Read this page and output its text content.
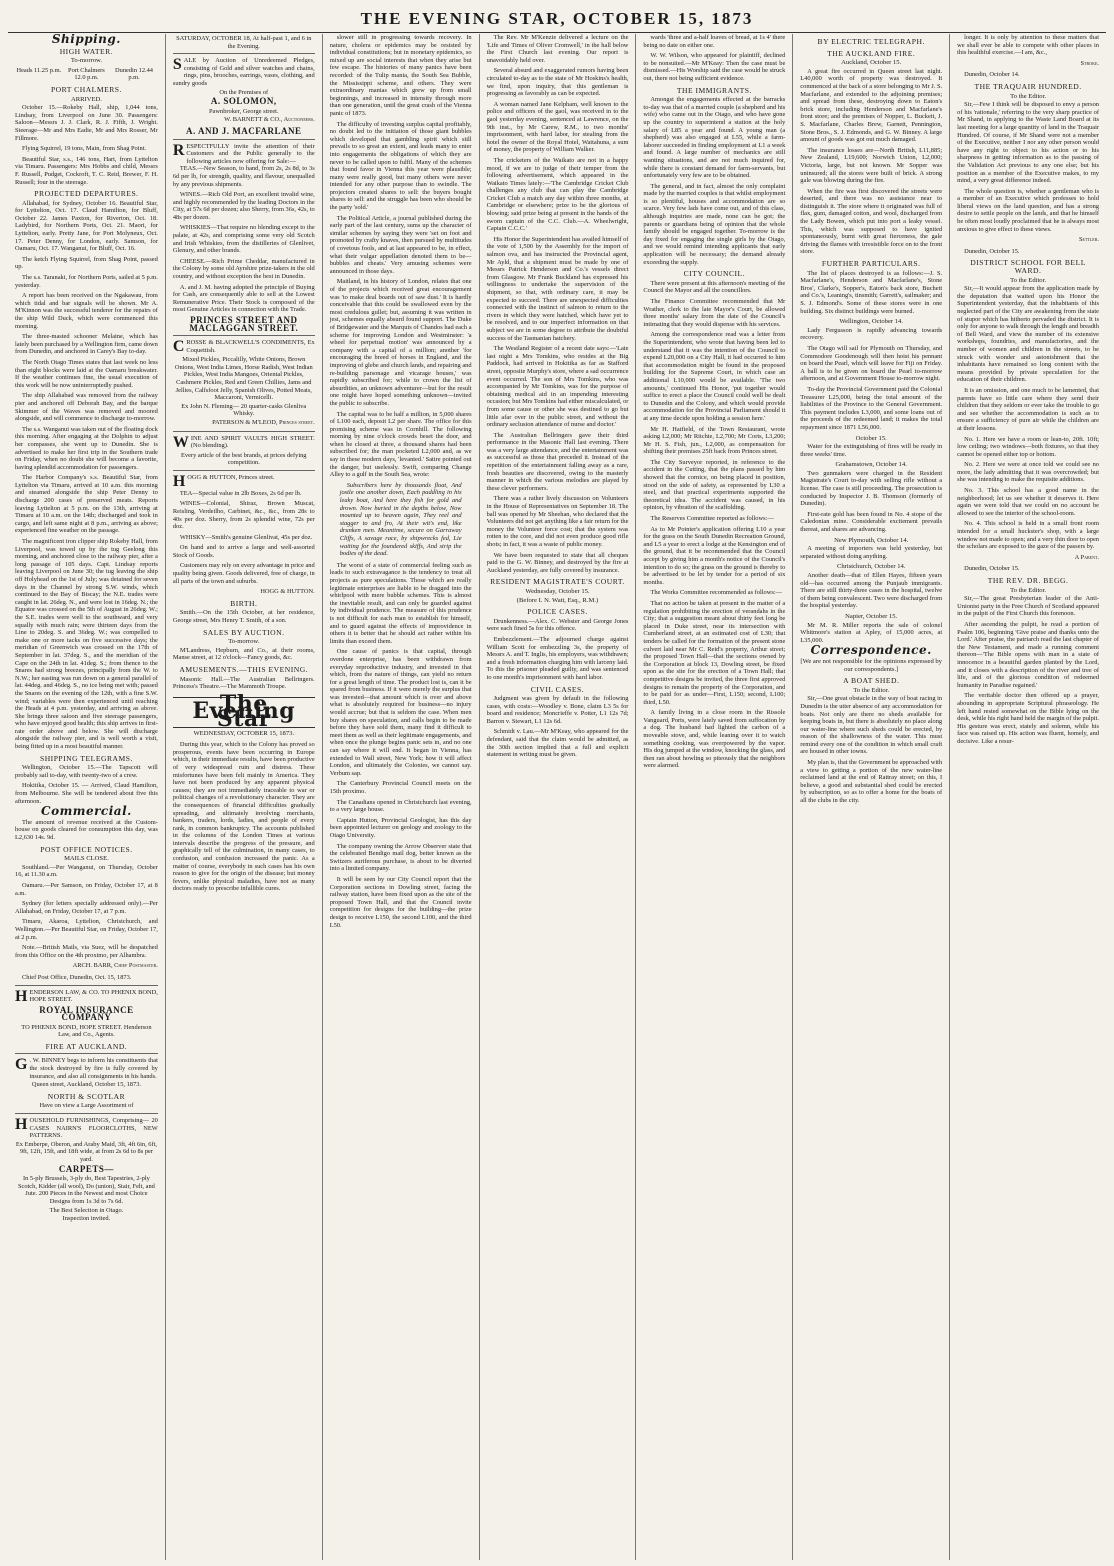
THE EVENING STAR, OCTOBER 15, 1873
Shipping.
HIGH WATER.
To-morrow.
Heads 11.25 p.m.	Port Chalmers 12.0 p.m.
Dunedin 12.44 p.m.
PORT CHALMERS.
ARRIVED.

October 15.—Rokeby Hall, ship, 1,044 tons, Lindsay, from Liverpool on June 30. Passengers: Saloon—Messrs J. J. Clark, R. J. Fifth, J. Wright. Steerage—Mr and Mrs Eadie, Mr and Mrs Rosser, Mr Fillmore.

Flying Squirrel, 19 tons, Main, from Shag Point.

Beautiful Star, s.s., 146 tons, Hart, from Lyttelton via Timaru. Passengers: Mrs Hobbs and child, Messrs F. Russell, Pudget, Cockroft, T. C. Reid, Brewer, F. H. Russell; four in the steerage.

PROJECTED DEPARTURES.

Allahabad, for Sydney, October 16. Beautiful Star, for Lyttelton, Oct. 17. Claud Hamilton, for Bluff, October 22. James Paxton, for Riverton, Oct. 18. Ladybird, for Northern Ports, Oct. 21. Maori, for Lyttelton, early. Pretty Jane, for Port Molyneux, Oct. 17. Peter Denny, for London, early. Samson, for Oamaru, Oct. 17. Wanganui, for Bluff, Oct. 16.

The ketch Flying Squirrel, from Shag Point, passed up.

The s.s. Taranaki, for Northern Ports, sailed at 5 p.m. yesterday.

A report has been received on the Ngakawau, from which tidal and bar signals will be shown. Mr A. M'Kinnon was the successful tenderer for the repairs of the ship Wild Duck, which were commenced this morning.

The three-masted schooner Melaine, which has lately been purchased by a Wellington firm, came down from Dunedin, and anchored in Carey's Bay to-day.

The North Otago Times states that last week no less than eight blocks were laid at the Oamaru breakwater. If the weather continues fine, the usual execution of this work will be now uninterruptedly pushed.

The ship Allahabad was removed from the railway pier and anchored off Deborah Bay, and the barque Skimmer of the Waves was removed and moored alongside, and will commence to discharge to-morrow.

The s.s. Wanganui was taken out of the floating dock this morning. After engaging at the Dolphin to adjust her compasses, she went up to Dunedin. She is advertised to make her first trip in the Southern trade on Friday, when no doubt she will become a favorite, having splendid accommodation for passengers.

The Harbor Company's s.s. Beautiful Star, from Lyttelton via Timaru, arrived at 10 a.m. this morning and steamed alongside the ship Peter Denny to discharge 200 cases of preserved meats. Reports leaving Lyttelton at 5 p.m. on the 13th, arriving at Timaru at 10 a.m. on the 14th; discharged and took in cargo, and left same night at 8 p.m., arriving as above; experienced fine weather on the passage.

The magnificent iron clipper ship Rokeby Hall, from Liverpool, was towed up by the tug Geelong this morning, and anchored close to the railway pier, after a long passage of 105 days. Capt. Lindsay reports leaving Liverpool on June 30; the tug leaving the ship off Holyhead on the 1st of July; was detained for seven days in the Channel by strong S.W. winds, which continued to the Bay of Biscay; the N.E. trades were caught in lat. 26deg. N., and were lost in 16deg. N.; the Equator was crossed on the 5th of August in 26deg. W.; the S.E. trades were well to the southward, and very squally with much rain; were thirteen days from the Line to 20deg. S. and 36deg. W.; was compelled to make one or more tacks on five successive days; the meridian of Greenwich was crossed on the 17th of September in lat. 37deg. S., and the meridian of the Cape on the 24th in lat. 41deg. S.; from thence to the Snares had strong breezes, principally from the W. to N.W.; her easting was run down on a general parallel of lat. 44deg. and 46deg. S., no ice being met with; passed the Snares on the evening of the 12th, with a fine S.W. wind; variables were then experienced until reaching the Heads at 4 p.m. yesterday, and arriving as above. She brings three saloon and five steerage passengers, who have enjoyed good health; this ship arrives in first-rate order above and below. She will discharge alongside the railway pier, and is well worth a visit, being fitted up in a most beautiful manner.

SHIPPING TELEGRAMS.

Wellington, October 15.—The Tapscott will probably sail to-day, with twenty-two of a crew.

Hokitika, October 15. — Arrived, Claud Hamilton, from Melbourne. She will be tendered about five this afternoon.

Commercial.

The amount of revenue received at the Custom-house on goods cleared for consumption this day, was L2,630 14s. 9d.

POST OFFICE NOTICES.
MAILS CLOSE.

Southland.—Per Wanganui, on Thursday, October 16, at 11.30 a.m.

Oamaru.—Per Samson, on Friday, October 17, at 8 a.m.

Sydney (for letters specially addressed only).—Per Allahabad, on Friday, October 17, at 7 p.m.

Timaru, Akaroa, Lyttelton, Christchurch, and Wellington.—Per Beautiful Star, on Friday, October 17, at 2 p.m.

Note.—British Mails, via Suez, will be despatched from this Office on the 4th proximo, per Alhambra.

ARCH. BARR, Chief Postmaster.

Chief Post Office, Dunedin, Oct. 15, 1873.

HENDERSON LAW, & CO. TO PHŒNIX BOND, HOPE STREET.
ROYAL INSURANCE COMPANY
TO PHŒNIX BOND, HOPE STREET. Henderson Law, and Co., Agents.
FIRE AT AUCKLAND.
G . W. BINNEY begs to inform his constituents that the stock destroyed by fire is fully covered by insurance, and also all consignments in his hands.
Queen street, Auckland, October 15, 1873.
NORTH & SCOTLAR
Have on view a Large Assortment of
HOUSEHOLD FURNISHINGS, Comprising— 20 CASES NAIRN'S FLOORCLOTHS, NEW PATTERNS.
Ex Emberpe, Oberon, and Araby Maid, 3ft, 4ft 6in, 6ft, 9ft, 12ft, 15ft, and 18ft wide, at from 2s 6d to 8s per yard.
CARPETS—
In 5-ply Brussels, 3-ply do, Best Tapestries, 2-ply Scotch, Kidder (all wool), Do (union), Stair, Felt, and Jute. 200 Pieces in the Newest and most Choice Designs from 1s 3d to 7s 6d.
The Best Selection in Otago.
Inspection invited.
SATURDAY, OCTOBER 18, At half-past 1, and 6 in the Evening.
SALE by Auction of Unredeemed Pledges, consisting of Gold and silver watches and chains, rings, pins, brooches, earrings, vases, clothing, and sundry goods
On the Premises of
A. SOLOMON,
Pawnbroker, George street.
W. BARNETT & CO., Auctioneers.
A. AND J. MACFARLANE
RESPECTFULLY invite the attention of their Customers and the Public generally to the following articles now offering for Sale:—

TEAS.—New Season, to hand, from 2s, 2s 8d, to 3s 6d per lb, for strength, quality, and flavour, unequalled by any previous shipments.

WINES.—Rich Old Port, an excellent invalid wine, and highly recommended by the leading Doctors in the City, at 57s 6d per dozen; also Sherry, from 36s, 42s, to 48s per dozen.

WHISKIES—That require no blending except to the palate, at 42s, and comprising some very old Scotch and Irish Whiskies, from the distilleries of Glenlivet, Glenury, and other brands.

CHEESE.—Rich Prime Cheddar, manufactured in the Colony by some old Ayrshire prize-takers in the old country, and without exception the best in Dunedin.

A. and J. M. having adopted the principle of Buying for Cash, are consequently able to sell at the Lowest Remunerative Price. Their Stock is composed of the most Genuine Articles in connection with the Trade.

PRINCES STREET AND MACLAGGAN STREET.
CROSSE & BLACKWELL'S CONDIMENTS, Ex Coquettish.
Mixed Pickles, Piccalilly, White Onions, Brown Onions, West India Limes, Horse Radish, West Indian Pickles, West India Mangoes, Oriental Pickles, Cashmere Pickles, Red and Green Chillies, Jams and Jellies, Calfsfoot Jelly, Spanish Olives, Potted Meats, Maccaroni, Vermicelli.
Ex John N. Fleming— 20 quarter-casks Glenliva Whisky.
PATERSON & M'LEOD, Princes street.
WINE AND SPIRIT VAULTS HIGH STREET. (No blending).
Every article of the best brands, at prices defying competition.
HOGG & HUTTON, Princes street.

TEA—Special value in 2lb Boxes, 2s 6d per lb.

WINES—Colonial, Shiraz, Brown Muscat, Reisling, Verdeilho, Carbinet, &c., &c., from 28s to 40s per doz. Sherry, from 2s splendid wine, 72s per doz.

WHISKY—Smith's genuine Glenlivat, 45s per doz.

On hand and to arrive a large and well-assorted Stock of Goods.

Customers may rely on every advantage in price and quality being given. Goods delivered, free of charge, in all parts of the town and suburbs.

HOGG & HUTTON.
BIRTH.

Smith.—On the 15th October, at her residence, George street, Mrs Henry T. Smith, of a son.

SALES BY AUCTION.
To-morrow.

M'Landress, Hepburn, and Co., at their rooms, Manse street, at 12 o'clock—Fancy goods, &c.

AMUSEMENTS.—THIS EVENING.

Masonic Hall.—The Australian Bellringers. Princess's Theatre.—The Mammoth Troupe.

The Evening Star
WEDNESDAY, OCTOBER 15, 1873.

During this year, which to the Colony has proved so prosperous, events have been occurring in Europe which, in their immediate results, have been productive of very widespread ruin and distress. These misfortunes have been felt mainly in America. They have not been produced by any apparent physical causes; they are not immediately traceable to war or political changes of a revolutionary character. They are the consequences of financial difficulties gradually spreading, and ultimately involving merchants, bankers, traders, lords, ladies, and people of every rank, in common bankruptcy. The accounts published in the columns of the London Times at various intervals describe the progress of the pressure, and graphically tell of the culmination, in many cases, to confusion, and confusion increased the panic. As a matter of course, everybody in such cases has his own reason to give for the origin of the disease; but money fevers, unlike physical maladies, have not as many doctors ready to prescribe infallible cures.

slower still in progressing towards recovery. In nature, cholera or epidemics may be resisted by individual constitutions; but in monetary epidemics, so mixed up are social interests that when they arise but few escape. The histories of many panics have been recorded: of the Tulip mania, the South Sea Bubble, the Mississippi scheme, and others. They were extraordinary manias which grew up from small beginnings, and increased in intensity through more than one generation, until the great crash of the Vienna panic of 1873.

The difficulty of investing surplus capital profitably, no doubt led to the initiation of those giant bubbles which developed that gambling spirit which still prevails to so great an extent, and leads many to enter into engagements the obligations of which they are never to be called upon to fulfil. Many of the schemes that found favor in Vienna this year were plausible; many were really good, but many others were never intended for any other purpose than to swindle. The projectors created shares to sell: the buyers bought shares to sell: and the struggle has been who should be the party 'sold.'

The Political Article, a journal published during the early part of the last century, sums up the character of similar schemes by saying they were 'set on foot and promoted by crafty knaves, then pursued by multitudes of covetous fools, and at last appeared to be, in effect, what their vulgar appellation denoted them to be—bubbles and cheats.' Very amusing schemes were announced in those days.

Maitland, in his history of London, relates that one of the projects which received great encouragement was 'to make deal boards out of saw dust.' It is hardly conceivable that this could be swallowed even by the most credulous gullet; but, assuming it was written in jest, schemes equally absurd found support. The Duke of Bridgewater and the Marquis of Chandos had each a scheme for improving London and Westminster: 'a wheel for perpetual motion' was announced by a company with a capital of a million; another 'for encouraging the breed of horses in England, and the improving of glebe and church lands, and repairing and re-building parsonage and vicarage houses,' was rapidly subscribed for; while to crown the list of absurdities, an unknown adventurer—but for the result one might have hoped something unknown—invited the public to subscribe.

The capital was to be half a million, in 5,000 shares of L100 each, deposit L2 per share. The office for this promising scheme was in Cornhill. The following morning by nine o'clock crowds beset the door, and when he closed at three, a thousand shares had been subscribed for; the man pocketed L2,000 and, as we say in these modern days, 'levanted.' Satire pointed out the danger, but uselessly. Swift, comparing Change Alley to a gulf in the South Sea, wrote:

Subscribers here by thousands float, And jostle one another down, Each paddling in his leaky boat, And here they fish for gold and drown. Now buried in the depths below, Now mounted up to heaven again, They reel and stagger to and fro, At their wit's end, like drunken men. Meantime, secure on Garraway Cliffs, A savage race, by shipwrecks fed, Lie waiting for the foundered skiffs, And strip the bodies of the dead.

The worst of a state of commercial feeling such as leads to such extravagance is the tendency to treat all projects as pure speculations. Those which are really legitimate enterprises are liable to be dragged into the whirlpool with mere bubble schemes. This is almost the inevitable result, and can only be guarded against by individual prudence. The measure of this prudence is not difficult for each man to establish for himself, and to guard against the effects of improvidence in others it is better that he should act rather within his limits than exceed them.

One cause of panics is that capital, through overdone enterprise, has been withdrawn from everyday reproductive industry, and invested in that which, from the nature of things, can yield no return for a great length of time. The product lost is, can it be spared from business. If it were merely the surplus that was invested—that amount which is over and above what is absolutely required for business—no injury would accrue; but that is seldom the case. When men buy shares on speculation, and calls begin to be made before they have sold them, many find it difficult to meet them as well as their legitimate engagements, and when once the plunge begins panic sets in, and no one can say where it will end. It began in Vienna, has extended to Wall street, New York; how it will affect London, and ultimately the Colonies, we cannot say. Verbum sap.

The Canterbury Provincial Council meets on the 15th proximo.

The Canadians opened in Christchurch last evening, to a very large house.

Captain Hutton, Provincial Geologist, has this day been appointed lecturer on geology and zoology to the Otago University.

The company owning the Arrow Observer state that the celebrated Bendigo mail dog, better known as the Switzers auriferous purchase, is about to be diverted into a limited company.

It will be seen by our City Council report that the Corporation sections in Dowling street, facing the railway station, have been fixed upon as the site of the proposed Town Hall, and that the Council invite competition for designs for the building—the prize design to receive L150, the second L100, and the third L50.

The Rev. Mr M'Kenzie delivered a lecture on the 'Life and Times of Oliver Cromwell,' in the hall below the First Church last evening. Our report is unavoidably held over.

Several absurd and exaggerated rumors having been circulated to-day as to the state of Mr Hoskins's health, we find, upon inquiry, that this gentleman is progressing as favorably as can be expected.

A woman named Jane Kelpham, well known to the police and officers of the gaol, was received in to the gaol yesterday evening, sentenced at Lawrence, on the 9th inst., by Mr Carew, R.M., to two months' imprisonment, with hard labor, for stealing from the hotel the owner of the Royal Hotel, Waitahuna, a sum of money, the property of William Walker.

The cricketers of the Waikato are not in a happy mood, if we are to judge of their temper from the following advertisement, which appeared in the Waikato Times lately:—'The Cambridge Cricket Club challenges any club that can play the Cambridge Cricket Club a match any day within three months, at Cambridge or elsewhere; prize to be the glorious of blowing; said prize being at present in the hands of the sworn captain of the C.C. Club.—A. Wheelwright, Captain C.C.C.'

His Honor the Superintendent has availed himself of the vote of 1,500 by the Assembly for the import of salmon ova, and has instructed the Provincial agent, Mr Ayld, that a shipment must be made by one of Messrs Patrick Henderson and Co.'s vessels direct from Glasgow. Mr Frank Buckland has expressed his willingness to undertake the supervision of the shipment, so that, with ordinary care, it may be expected to succeed. There are unexpected difficulties connected with the instinct of salmon to return to the rivers in which they were hatched, which have yet to be resolved, and to our imperfect information on that subject we are in some degree to attribute the doubtful success of the Tasmanian hatchery.

The Westland Register of a recent date says:—'Late last night a Mrs Tomkins, who resides at the Big Paddock, had arrived in Hokitika as far as Stafford street, opposite Murphy's store, where a sad occurrence event occurred. The son of Mrs Tomkins, who was accompanied by Mr Tomkins, was for the purpose of obtaining medical aid in an impending interesting occasion; but Mrs Tomkins had either miscalculated, or from some cause or other she was destined to go but little afar over in the public street, and without the ordinary seclusion attendance of nurse and doctor.'

The Australian Bellringers gave their third performance in the Masonic Hall last evening. There was a very large attendance, and the entertainment was as successful as those that preceded it. Instead of the repetition of the entertainment falling away as a rare, fresh beauties are discovered, owing to the masterly manner in which the various melodies are played by these clever performers.

There was a rather lively discussion on Volunteers in the House of Representatives on September 18. The ball was opened by Mr Sheehan, who declared that the Volunteers did not get anything like a fair return for the money the Volunteer force cost; that the system was rotten to the core, and did not even produce good rifle shots; in fact, it was a waste of public money.

We have been requested to state that all cheques paid to the G. W. Binney, and destroyed by the fire at Auckland yesterday, are fully covered by insurance.

RESIDENT MAGISTRATE'S COURT.
Wednesday, October 15.
(Before I. N. Watt, Esq., R.M.)
POLICE CASES.

Drunkenness.—Alex. C. Webster and George Jones were each fined 5s for this offence.

Embezzlement.—The adjourned charge against William Scott for embezzling 3s, the property of Messrs A. and T. Inglis, his employers, was withdrawn; and a fresh information charging him with larceny laid. To this the prisoner pleaded guilty, and was sentenced to one month's imprisonment with hard labor.

CIVIL CASES.

Judgment was given by default in the following cases, with costs:—Woodley v. Bone, claim L3 5s for board and residence; Moncrieffe v. Potter, L1 12s 7d; Barron v. Stewart, L1 12s 6d.

Schmidt v. Lau.—Mr M'Keay, who appeared for the defendant, said that the claim would be admitted, as the 30th section implied that a full and explicit statement in writing must be given.

wards 'three and a-half loaves of bread, at 1s 4' there being no date on either one.

W. W. Wilson, who appeared for plaintiff, declined to be nonsuited.—Mr M'Keay: Then the case must be dismissed.—His Worship said the case would be struck out, there not being sufficient evidence.

THE IMMIGRANTS.

Amongst the engagements effected at the barracks to-day was that of a married couple (a shepherd and his wife) who came out in the Otago, and who have gone up the country to superintend a station at the holy salary of L85 a year and found. A young man (a shepherd) was also engaged at L55, while a farm-laborer succeeded in finding employment at L1 a week and found. A large number of mechanics are still wanting situations, and are not much inquired for, while there is constant demand for farm-servants, but unfortunately very few are to be obtained.

The general, and in fact, almost the only complaint made by the married couples is that whilst employment is so plentiful, houses and accommodation are so scarce. Very few lads have come out, and of this class, although inquiries are made, none can be got; the parents or guardians being of opinion that the whole family should be engaged together. To-morrow is the day fixed for engaging the single girls by the Otago, and we would remind intending applicants that early application will be necessary; the demand already exceeding the supply.

CITY COUNCIL.

There were present at this afternoon's meeting of the Council the Mayor and all the councillors.

The Finance Committee recommended that Mr Wrather, clerk to the late Mayor's Court, be allowed three months' salary from the date of the Council's intimating that they would dispense with his services.

Among the correspondence read was a letter from the Superintendent, who wrote that having been led to understand that it was the intention of the Council to expend L20,000 on a City Hall, it had occurred to him that accommodation might be found in the proposed building for the Supreme Court, in which case an additional L10,000 would be available. 'The two amounts,' continued His Honor, 'put together would suffice to erect a place the Council could well be dealt to Dunedin and the Colony, and which would provide accommodation for the Provincial Parliament should it at any time decide upon holding a session here.'

Mr H. Hatfield, of the Town Restaurant, wrote asking L2,000; Mr Ritchie, L2,700; Mr Corts, L3,200; Mr H. S. Fish, jun., L2,000, as compensation for shifting their premises 25ft back from Princes street.

The City Surveyor reported, in reference to the accident in the Cutting, that the plans passed by him showed that the cornice, on being placed in position, stood on the side of safety, as represented by L30 a steel, and that practical experiments supported the theoretical idea. The accident was caused, in his opinion, by vibration of the scaffolding.

The Reserves Committee reported as follows:—

As to Mr Pointer's application offering L10 a year for the grass on the South Dunedin Recreation Ground, and L5 a year to erect a lodge at the Kensington end of the ground, that it be recommended that the Council accept by giving him a month's notice of the Council's intention to do so; the grass on the ground is thereby to be advertised to be let by tender for a period of six months.

The Works Committee recommended as follows:—

That no action be taken at present in the matter of a regulation prohibiting the erection of verandahs in the City; that a suggestion meant about thirty feet long be placed in Duke street, near its intersection with Cumberland street, at an estimated cost of L30; that tenders be called for the formation of the present stone culvert laid near Mr C. Reid's property, Arthur street; the proposed Town Hall—that the sections owned by the Corporation at block 13, Dowling street, be fixed upon as the site for the erection of a Town Hall; that competitive designs be invited, the three first approved designs to remain the property of the Corporation, and to be paid for as under—First, L150; second, L100; third, L50.

A family living in a close room in the Rissole Vanguard, Ports, were lately saved from suffocation by a dog. The husband had lighted the carbon of a moveable stove, and, while leaning over it to watch something cooking, was overpowered by the vapor. His dog jumped at the window, knocking the glass, and then ran about howling so piteously that the neighbors were alarmed.

BY ELECTRIC TELEGRAPH.
THE AUCKLAND FIRE.
Auckland, October 15.

A great fire occurred in Queen street last night. L40,000 worth of property was destroyed. It commenced at the back of a store belonging to Mr J. S. Macfarlane, and extended to the adjoining premises; and spread from these, destroying down to Eaton's brick store, including Henderson and Macfarlane's front store; and the premises of Nopper, L. Buckett, J. S. Macfarlane, Charles Brew, Garnett, Pennington, Stone Bros., S. J. Edmonds, and G. W. Binney. A large amount of goods was got out much damaged.

The insurance losses are—North British, L11,885; New Zealand, L19,600; Norwich Union, L2,000; Victoria, large, but not known. Mr Sopper was uninsured; all the stores were built of brick. A strong gale was blowing during the fire.

When the fire was first discovered the streets were deserted, and there was no assistance near to distinguish it. The store where it originated was full of flax, gum, damaged cotton, and wool, discharged from the Lady Bowen, which put into port a leaky vessel. This, which was supposed to have ignited spontaneously, burnt with great fierceness, the gale driving the flames with irresistible force on to the front store.

FURTHER PARTICULARS.

The list of places destroyed is as follows:—J. S. Macfarlane's, Henderson and Macfarlane's, Stone Bros', Clarke's, Sopper's, Eaton's back store, Buchett and Co.'s, Leaning's, tinsmith; Garrett's, sailmaker; and S. J. Edmond's. Some of these stores were in one building. Six distinct buildings were burned.

Wellington, October 14.

Lady Fergusson is rapidly advancing towards recovery.

The Otago will sail for Plymouth on Thursday, and Commodore Goodenough will then hoist his pennant on board the Pearl, which will leave for Fiji on Friday. A ball is to be given on board the Pearl to-morrow afternoon, and at Government House to-morrow night.

To-day the Provincial Government paid the Colonial Treasurer L25,000, being the total amount of the liabilities of the Province to the General Government. This payment includes L3,000, and some loans out of the proceeds of the redeemed land; it makes the total repayment since 1871 L56,000.

October 15.

Water for the extinguishing of fires will be ready in three weeks' time.

Grahamstown, October 14.

Two gunmakers were charged in the Resident Magistrate's Court to-day with selling rifle without a license. The case is still proceeding. The prosecution is conducted by Inspector J. B. Thomson (formerly of Dunedin).

First-rate gold has been found in No. 4 stope of the Caledonian mine. Considerable excitement prevails thereat, and shares are advancing.

New Plymouth, October 14.

A meeting of importers was held yesterday, but separated without doing anything.

Christchurch, October 14.

Another death—that of Ellen Hayes, fifteen years old—has occurred among the Punjaub immigrants. There are still thirty-three cases in the hospital, twelve of them being convalescent. Two were discharged from the hospital yesterday.

Napier, October 15.

Mr M. R. Miller reports the sale of colonel Whitmore's station at Apley, of 15,000 acres, at L35,000.

Correspondence.
[We are not responsible for the opinions expressed by our correspondents.]
A BOAT SHED.
To the Editor.

Sir,—One great obstacle in the way of boat racing in Dunedin is the utter absence of any accommodation for boats. Not only are there no sheds available for keeping boats in, but there is absolutely no place along our water-line where such sheds could be erected, by reason of the shallowness of the water. This must remind every one of the condition in which small craft are housed in other towns.

My plan is, that the Government be approached with a view to getting a portion of the new water-line reclaimed land at the end of Rattray street; on this, I believe, a good and substantial shed could be erected by subscription, so as to offer a home for the boats of all the clubs in the city.

longer. It is only by attention to these matters that we shall ever be able to compete with other places in this healthful exercise.—I am, &c.,

Stroke.

Dunedin, October 14.

THE TRAQUAIR HUNDRED.
To the Editor.

Sir,—Few I think will be disposed to envy a person of his 'rationale,' referring to the very sharp practice of Mr Shand, in applying to the Waste Land Board at its last meeting for a large quantity of land in the Traquair Hundred. Of course, if Mr Shand were not a member of the Executive, neither I nor any other person would have any right to object to his action or to his sharpness in getting information as to the passing of the Validation Act previous to any one else; but his position as a member of the Executive makes, to my mind, a very great difference indeed.

The whole question is, whether a gentleman who is a member of an Executive which professes to hold liberal views on the land question, and has a strong desire to settle people on the lands, and that he himself be often most loudly proclaimed that he is always most anxious to give effect to these views.

Settler.

Dunedin, October 15.

DISTRICT SCHOOL FOR BELL WARD.
To the Editor.

Sir,—It would appear from the application made by the deputation that waited upon his Honor the Superintendent yesterday, that the inhabitants of this neglected part of the City are awakening from the state of stupor which has hitherto pervaded the district. It is only for anyone to walk through the length and breadth of Bell Ward, and view the number of its extensive workshops, foundries, and manufactories, and the number of women and children in the streets, to be struck with wonder and astonishment that the inhabitants have remained so long content with the means provided by private speculation for the education of their children.

It is an omission, and one much to be lamented, that parents have so little care where they send their children that they seldom or ever take the trouble to go and see whether the accommodation is such as to ensure a sufficiency of pure air while the children are at their lessons.

No. 1. Here we have a room or lean-to, 20ft. 10ft; low ceiling; two windows—both fixtures, so that they cannot be opened either top or bottom.

No. 2. Here we were at once told we could see no more, the lady admitting that it was overcrowded; but she was intending to make the requisite additions.

No. 3. This school has a good name in the neighborhood; let us see whether it deserves it. Here again we were told that we could on no account be allowed to see the interior of the school-room.

No. 4. This school is held in a small front room intended for a small huckster's shop, with a large window not made to open; and a very thin door to open the scholars are exposed to the gaze of the passers by.

A Parent.

Dunedin, October 15.

THE REV. DR. BEGG.
To the Editor.

Sir,—The great Presbyterian leader of the Anti-Unionist party in the Free Church of Scotland appeared in the pulpit of the First Church this forenoon.

After ascending the pulpit, he read a portion of Psalm 106, beginning 'Give praise and thanks unto the Lord.' After praise, the patriarch read the last chapter of the New Testament, and made a running comment thereon—'The Bible opens with man in a state of innocence in a beautiful garden planted by the Lord, and it closes with a description of the river and tree of life, and of the glorious condition of redeemed humanity in Paradise regained.'

The veritable doctor then offered up a prayer, abounding in appropriate Scriptural phraseology. He left hand rested somewhat on the Bible lying on the desk, while his right hand held the margin of the pulpit. His gesture was erect, stately and solemn, while his face was raised up. His action was fluent, homely, and decisive. Like a resur-
